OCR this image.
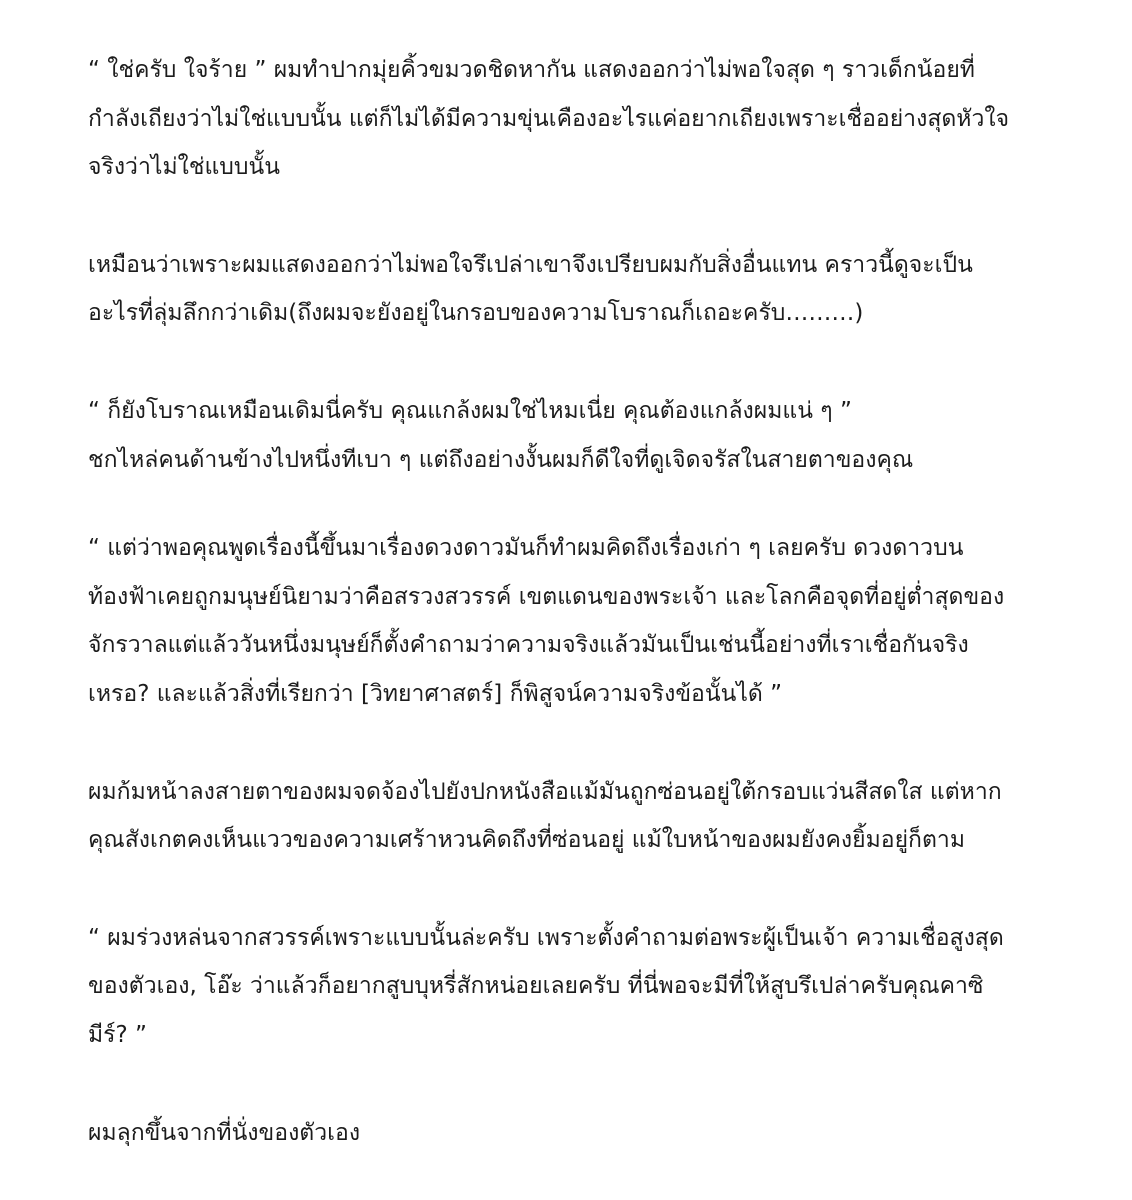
“ ใช่ครับ ใจร้าย ” ผมทำปากมุ่ยคิ้วขมวดชิดหากัน แสดงออกว่าไม่พอใจสุด ๆ ราวเด็กน้อยที่
กำลังเถียงว่าไม่ใช่แบบนั้น แต่ก็ไม่ได้มีความขุ่นเคืองอะไรแค่อยากเถียงเพราะเชื่ออย่างสุดหัวใจ
จริงว่าไม่ใช่แบบนั้น
เหมือนว่าเพราะผมแสดงออกว่าไม่พอใจรึเปล่าเขาจึงเปรียบผมกับสิ่งอื่นแทน คราวนี้ดูจะเป็น
อะไรที่ลุ่มลึกกว่าเดิม(ถึงผมจะยังอยู่ในกรอบของความโบราณก็เถอะครับ………)
“ ก็ยังโบราณเหมือนเดิมนี่ครับ คุณแกล้งผมใช่ไหมเนี่ย คุณต้องแกล้งผมแน่ ๆ ”
ชกไหล่คนด้านข้างไปหนึ่งทีเบา ๆ แต่ถึงอย่างงั้นผมก็ดีใจที่ดูเจิดจรัสในสายตาของคุณ
“ แต่ว่าพอคุณพูดเรื่องนี้ขึ้นมาเรื่องดวงดาวมันก็ทำผมคิดถึงเรื่องเก่า ๆ เลยครับ ดวงดาวบน
ท้องฟ้าเคยถูกมนุษย์นิยามว่าคือสรวงสวรรค์ เขตแดนของพระเจ้า และโลกคือจุดที่อยู่ต่ำสุดของ
จักรวาลแต่แล้ววันหนึ่งมนุษย์ก็ตั้งคำถามว่าความจริงแล้วมันเป็นเช่นนี้อย่างที่เราเชื่อกันจริง
เหรอ? และแล้วสิ่งที่เรียกว่า [วิทยาศาสตร์] ก็พิสูจน์ความจริงข้อนั้นได้ ”
ผมก้มหน้าลงสายตาของผมจดจ้องไปยังปกหนังสือแม้มันถูกซ่อนอยู่ใต้กรอบแว่นสีสดใส แต่หาก
คุณสังเกตคงเห็นแววของความเศร้าหวนคิดถึงที่ซ่อนอยู่ แม้ใบหน้าของผมยังคงยิ้มอยู่ก็ตาม
“ ผมร่วงหล่นจากสวรรค์เพราะแบบนั้นล่ะครับ เพราะตั้งคำถามต่อพระผู้เป็นเจ้า ความเชื่อสูงสุด
ของตัวเอง, โอ๊ะ ว่าแล้วก็อยากสูบบุหรี่สักหน่อยเลยครับ ที่นี่พอจะมีที่ให้สูบรึเปล่าครับคุณคาซิ
มีร์? ”
ผมลุกขึ้นจากที่นั่งของตัวเอง
